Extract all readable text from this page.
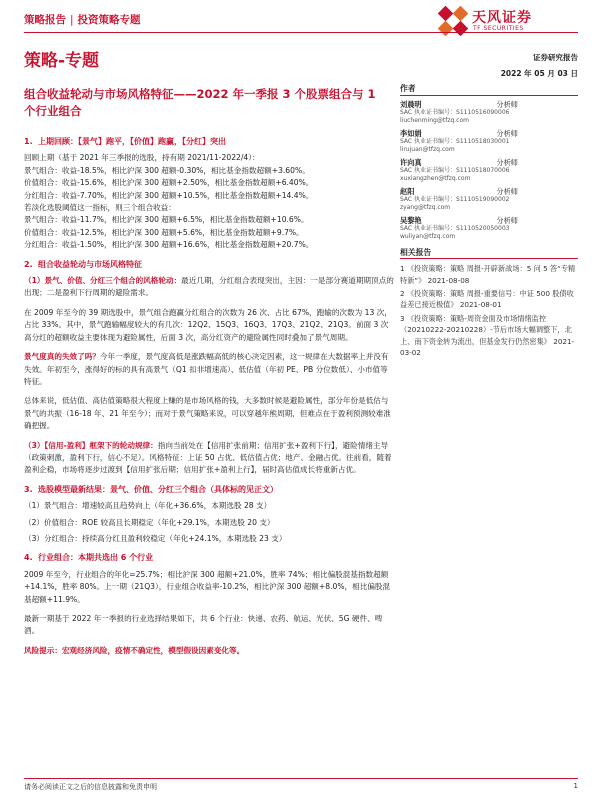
策略报告 | 投资策略专题	天风证券
TF SECURITIES
策略-专题	证券研究报告
2022 年 05 月 03 日
组合收益轮动与市场风格特征——2022 年一季报 3 个股票组合与 1 个行业组合

1. 上期回顾：【景气】跑平，【价值】跑赢，【分红】突出

回顾上期（基于 2021 年三季报的选股，持有期 2021/11-2022/4）：

景气组合：收益-18.5%，相比沪深 300 超额-0.30%，相比基金指数超额+3.60%。

价值组合：收益-15.6%，相比沪深 300 超额+2.50%，相比基金指数超额+6.40%。

分红组合：收益-7.70%，相比沪深 300 超额+10.5%，相比基金指数超额+14.4%。

若淡化选股阈值这一指标，则三个组合收益：

景气组合：收益-11.7%，相比沪深 300 超额+6.5%，相比基金指数超额+10.6%。

价值组合：收益-12.5%，相比沪深 300 超额+5.6%，相比基金指数超额+9.7%。

分红组合：收益-1.50%，相比沪深 300 超额+16.6%，相比基金指数超额+20.7%。

2. 组合收益轮动与市场风格特征

（1）景气、价值、分红三个组合的风格轮动：最近几期，分红组合表现突出，主因：一是部分赛道期期顶点的出现；二是盈利下行周期的避险需求。

在 2009 年至今的 39 期选股中，景气组合跑赢分红组合的次数为 26 次、占比 67%，跑输的次数为 13 次，占比 33%。其中，景气跑输幅度较大的有几次：12Q2、15Q3、16Q3、17Q3、21Q2、21Q3。前面 3 次高分红的超额收益主要体现为避险属性，后面 3 次，高分红资产的避险属性同时叠加了景气周期。

景气度真的失效了吗？今年一季度，景气度高低是涨跌幅高低的核心决定因素，这一规律在大数据率上并没有失效。年初至今，涨得好的标的具有高景气（Q1 扣非增速高）、低估值（年初 PE、PB 分位数低）、小市值等特征。

总体来说，低估值、高估值策略很大程度上赚的是市场风格的钱，大多数时候是避险属性，部分年份是低估与景气的共振（16-18 年、21 年至今）；而对于景气策略来说，可以穿越年熊周期，但难点在于盈利预测较难准确把握。

（3）【信用-盈利】框架下的轮动规律：指向当前处在【信用扩张前期；信用扩张+盈利下行】，避险情绪主导（政策刺激，盈利下行，信心不足）。风格特征：上证 50 占优、低估值占优；地产、金融占优。往前看，随着盈利企稳，市场将逐步过渡到【信用扩张后期；信用扩张+盈利上行】，届时高估值成长将重新占优。

3. 选股模型最新结果：景气、价值、分红三个组合（具体标的见正文）

（1）景气组合：增速较高且趋势向上（年化+36.6%，本期选股 28 支）

（2）价值组合：ROE 较高且长期稳定（年化+29.1%，本期选股 20 支）

（3）分红组合：持续高分红且盈利较稳定（年化+24.1%，本期选股 23 支）

4. 行业组合：本期共选出 6 个行业

2009 年至今，行业组合的年化=25.7%；相比沪深 300 超额+21.0%，胜率 74%；相比偏股混基指数超额+14.1%，胜率 80%。上一期（21Q3），行业组合收益率-10.2%，相比沪深 300 超额+8.0%，相比偏股混基超额+11.9%。

最新一期基于 2022 年一季报的行业选择结果如下，共 6 个行业：快递、农药、航运、光伏、5G 硬件、啤酒。

风险提示：宏观经济风险，疫情不确定性，模型假设因素变化等。

作者
刘晨明	分析师
SAC 执业证书编号：S1110516090006
liuchenming@tfzq.com
李如娟	分析师
SAC 执业证书编号：S1110518030001
lirujuan@tfzq.com
许向真	分析师
SAC 执业证书编号：S1110518070006
xuxiangzhen@tfzq.com
赵阳	分析师
SAC 执业证书编号：S1110519090002
zyang@tfzq.com
吴黎艳	分析师
SAC 执业证书编号：S1110520050003
wuliyan@tfzq.com
相关报告
1 《投资策略：策略 周报-开辟新战场：5 问 5 答“专精特新”》 2021-08-08
2 《投资策略：策略 周报-重要信号：中证 500 股债收益差已接近极值》 2021-08-01
3 《投资策略：策略-周资金面及市场情绪监控（20210222-20210228）-节后市场大幅调整下，北上、南下资金转为流出，但基金发行仍然密集》 2021-03-02
请务必阅读正文之后的信息披露和免责申明	1
